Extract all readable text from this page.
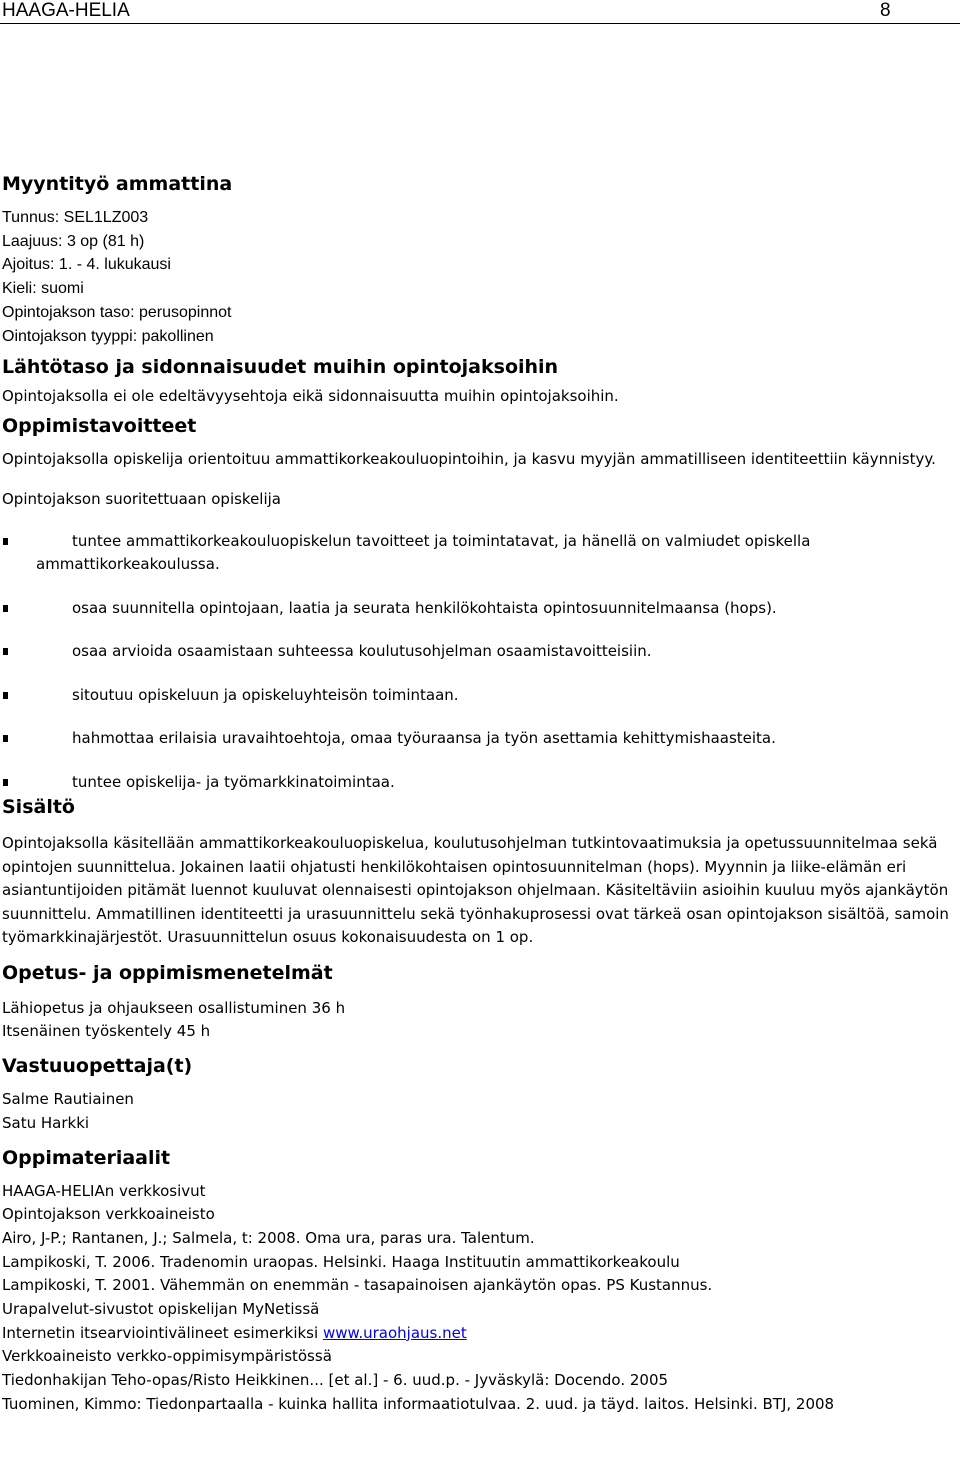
HAAGA-HELIA	8
Myyntityö ammattina
Tunnus: SEL1LZ003
Laajuus: 3 op (81 h)
Ajoitus: 1. - 4. lukukausi
Kieli: suomi
Opintojakson taso: perusopinnot
Ointojakson tyyppi: pakollinen
Lähtötaso ja sidonnaisuudet muihin opintojaksoihin

Opintojaksolla ei ole edeltävyysehtoja eikä sidonnaisuutta muihin opintojaksoihin.

Oppimistavoitteet

Opintojaksolla opiskelija orientoituu ammattikorkeakouluopintoihin, ja kasvu myyjän ammatilliseen identiteettiin käynnistyy.

Opintojakson suoritettuaan opiskelija

tuntee ammattikorkeakouluopiskelun tavoitteet ja toimintatavat, ja hänellä on valmiudet opiskella ammattikorkeakoulussa.
osaa suunnitella opintojaan, laatia ja seurata henkilökohtaista opintosuunnitelmaansa (hops).
osaa arvioida osaamistaan suhteessa koulutusohjelman osaamistavoitteisiin.
sitoutuu opiskeluun ja opiskeluyhteisön toimintaan.
hahmottaa erilaisia uravaihtoehtoja, omaa työuraansa ja työn asettamia kehittymishaasteita.
tuntee opiskelija- ja työmarkkinatoimintaa.
Sisältö

Opintojaksolla käsitellään ammattikorkeakouluopiskelua, koulutusohjelman tutkintovaatimuksia ja opetussuunnitelmaa sekä opintojen suunnittelua. Jokainen laatii ohjatusti henkilökohtaisen opintosuunnitelman (hops). Myynnin ja liike-elämän eri asiantuntijoiden pitämät luennot kuuluvat olennaisesti opintojakson ohjelmaan. Käsiteltäviin asioihin kuuluu myös ajankäytön suunnittelu. Ammatillinen identiteetti ja urasuunnittelu sekä työnhakuprosessi ovat tärkeä osan opintojakson sisältöä, samoin työmarkkinajärjestöt. Urasuunnittelun osuus kokonaisuudesta on 1 op.

Opetus- ja oppimismenetelmät
Lähiopetus ja ohjaukseen osallistuminen 36 h
Itsenäinen työskentely 45 h
Vastuuopettaja(t)
Salme Rautiainen
Satu Harkki
Oppimateriaalit
HAAGA-HELIAn verkkosivut
Opintojakson verkkoaineisto
Airo, J-P.; Rantanen, J.; Salmela, t: 2008. Oma ura, paras ura. Talentum.
Lampikoski, T. 2006. Tradenomin uraopas. Helsinki. Haaga Instituutin ammattikorkeakoulu
Lampikoski, T. 2001. Vähemmän on enemmän - tasapainoisen ajankäytön opas. PS Kustannus.
Urapalvelut-sivustot opiskelijan MyNetissä
Internetin itsearviointivälineet esimerkiksi www.uraohjaus.net
Verkkoaineisto verkko-oppimisympäristössä
Tiedonhakijan Teho-opas/Risto Heikkinen... [et al.] - 6. uud.p. - Jyväskylä: Docendo. 2005
Tuominen, Kimmo: Tiedonpartaalla - kuinka hallita informaatiotulvaa. 2. uud. ja täyd. laitos. Helsinki. BTJ, 2008
